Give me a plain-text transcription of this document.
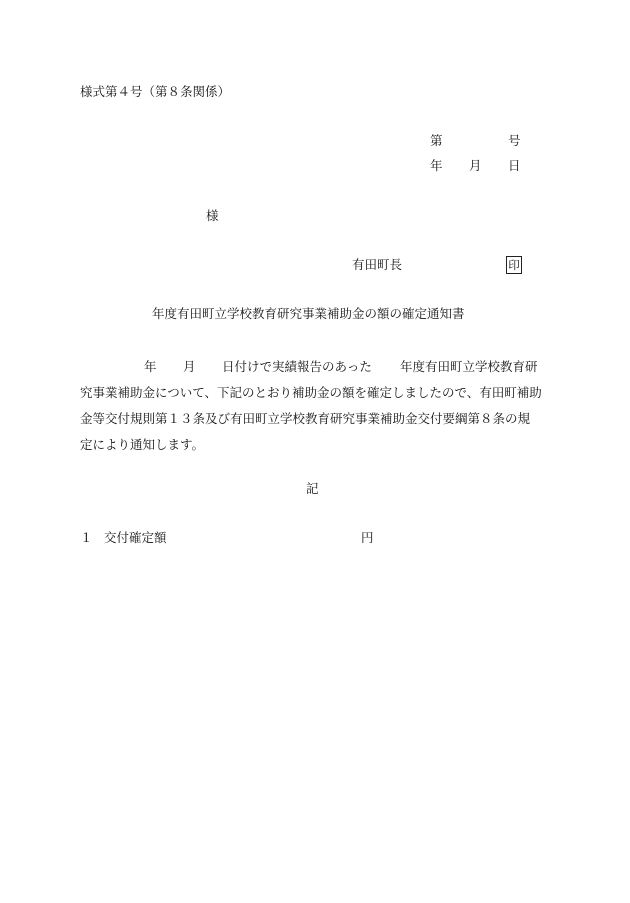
様式第４号（第８条関係）
第	号
年 月 日
様
有田町長	印
年度有田町立学校教育研究事業補助金の額の確定通知書
年 月 日付けで実績報告のあった 年度有田町立学校教育研
究事業補助金について、下記のとおり補助金の額を確定しましたので、有田町補助
金等交付規則第１３条及び有田町立学校教育研究事業補助金交付要綱第８条の規
定により通知します。
記
１ 交付確定額	円
